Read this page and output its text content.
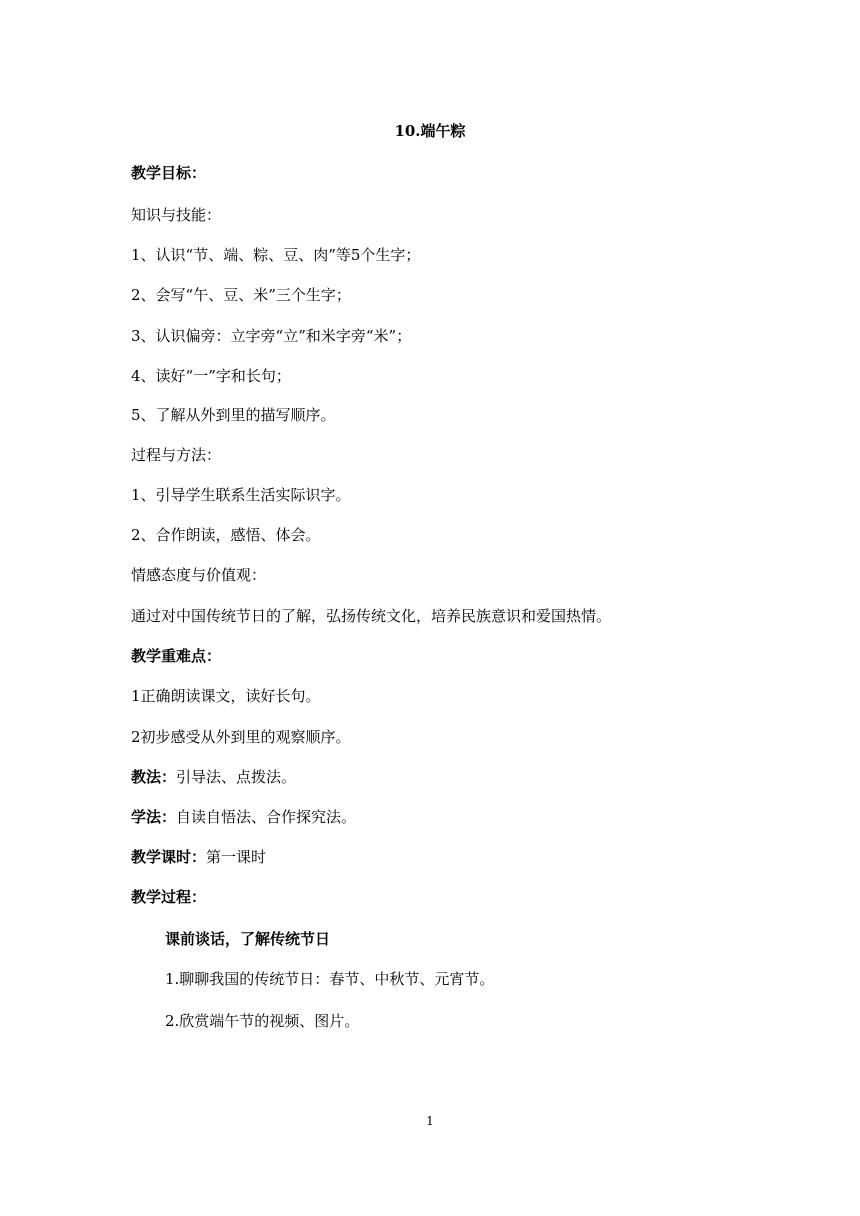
10.端午粽
教学目标：
知识与技能：
1、认识“节、端、粽、豆、肉”等5个生字；
2、会写“午、豆、米”三个生字；
3、认识偏旁：立字旁“立”和米字旁“米”；
4、读好“一”字和长句；
5、了解从外到里的描写顺序。
过程与方法：
1、引导学生联系生活实际识字。
2、合作朗读，感悟、体会。
情感态度与价值观：
通过对中国传统节日的了解，弘扬传统文化，培养民族意识和爱国热情。
教学重难点：
1正确朗读课文，读好长句。
2初步感受从外到里的观察顺序。
教法：引导法、点拨法。
学法：自读自悟法、合作探究法。
教学课时：第一课时
教学过程：
课前谈话，了解传统节日
1.聊聊我国的传统节日：春节、中秋节、元宵节。
2.欣赏端午节的视频、图片。
1
